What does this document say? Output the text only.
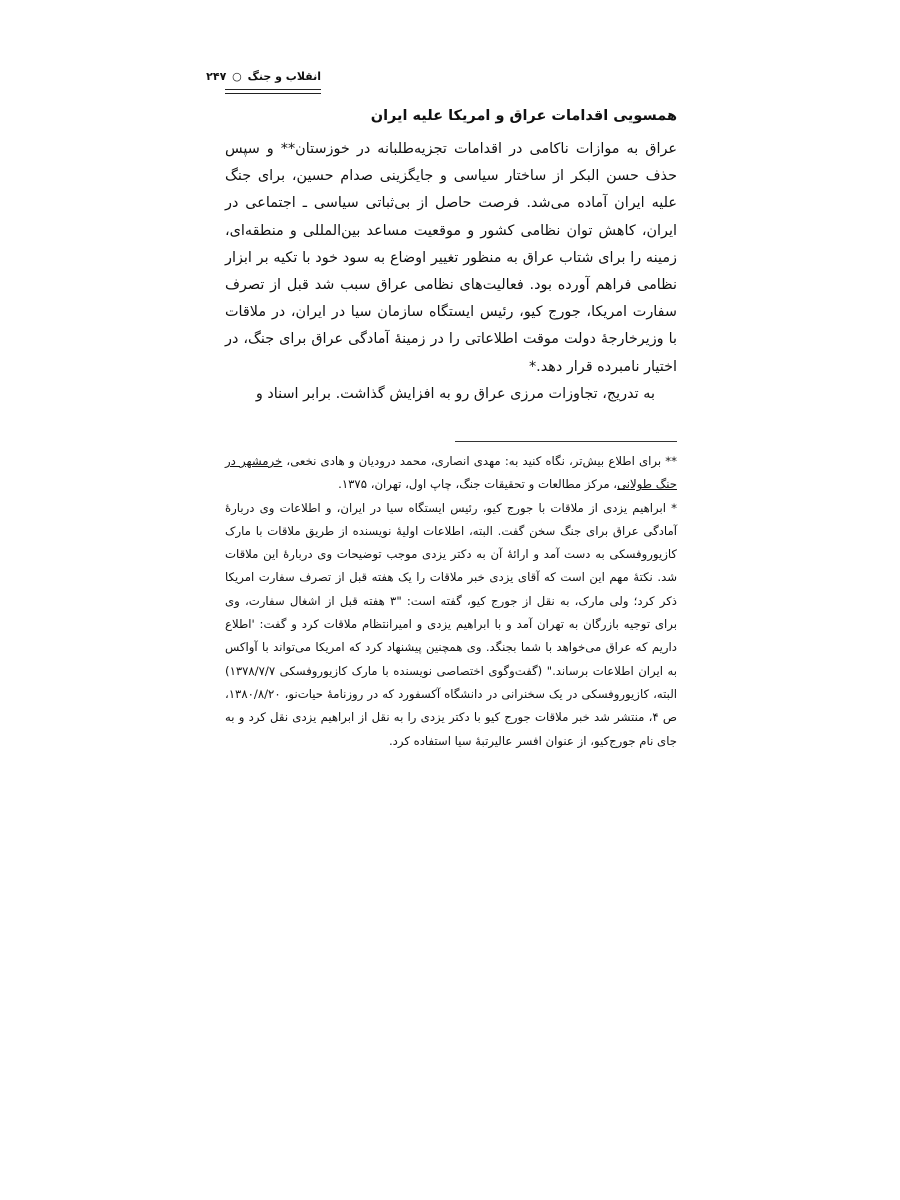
انقلاب و جنگ ○ ۲۴۷
همسویی اقدامات عراق و امریکا علیه ایران

عراق به موازات ناکامی در اقدامات تجزیه‌طلبانه در خوزستان** و سپس حذف حسن البکر از ساختار سیاسی و جایگزینی صدام حسین، برای جنگ علیه ایران آماده می‌شد. فرصت حاصل از بی‌ثباتی سیاسی ـ اجتماعی در ایران، کاهش توان نظامی کشور و موقعیت مساعد بین‌المللی و منطقه‌ای، زمینه را برای شتاب عراق به منظور تغییر اوضاع به سود خود با تکیه بر ابزار نظامی فراهم آورده بود. فعالیت‌های نظامی عراق سبب شد قبل از تصرف سفارت امریکا، جورج کیو، رئیس ایستگاه سازمان سیا در ایران، در ملاقات با وزیرخارجهٔ دولت موقت اطلاعاتی را در زمینهٔ آمادگی عراق برای جنگ، در اختیار نامبرده قرار دهد.*

به تدریج، تجاوزات مرزی عراق رو به افزایش گذاشت. برابر اسناد و

** برای اطلاع بیش‌تر، نگاه کنید به: مهدی انصاری، محمد درودیان و هادی نخعی، خرمشهر در جنگ طولانی، مرکز مطالعات و تحقیقات جنگ، چاپ اول، تهران، ۱۳۷۵.

* ابراهیم یزدی از ملاقات با جورج کیو، رئیس ایستگاه سیا در ایران، و اطلاعات وی دربارهٔ آمادگی عراق برای جنگ سخن گفت. البته، اطلاعات اولیهٔ نویسنده از طریق ملاقات با مارک کازیوروفسکی به دست آمد و ارائهٔ آن به دکتر یزدی موجب توضیحات وی دربارهٔ این ملاقات شد. نکتهٔ مهم این است که آقای یزدی خبر ملاقات را یک هفته قبل از تصرف سفارت امریکا ذکر کرد؛ ولی مارک، به نقل از جورج کیو، گفته است: "۳ هفته قبل از اشغال سفارت، وی برای توجیه بازرگان به تهران آمد و با ابراهیم یزدی و امیرانتظام ملاقات کرد و گفت: 'اطلاع داریم که عراق می‌خواهد با شما بجنگد. وی همچنین پیشنهاد کرد که امریکا می‌تواند با آواکس به ایران اطلاعات برساند." (گفت‌وگوی اختصاصی نویسنده با مارک کازیوروفسکی ۱۳۷۸/۷/۷) البته، کازیوروفسکی در یک سخنرانی در دانشگاه آکسفورد که در روزنامهٔ حیات‌نو، ۱۳۸۰/۸/۲۰، ص ۴، منتشر شد خبر ملاقات جورج کیو با دکتر یزدی را به نقل از ابراهیم یزدی نقل کرد و به جای نام جورج‌کیو، از عنوان افسر عالیرتبهٔ سیا استفاده کرد.
